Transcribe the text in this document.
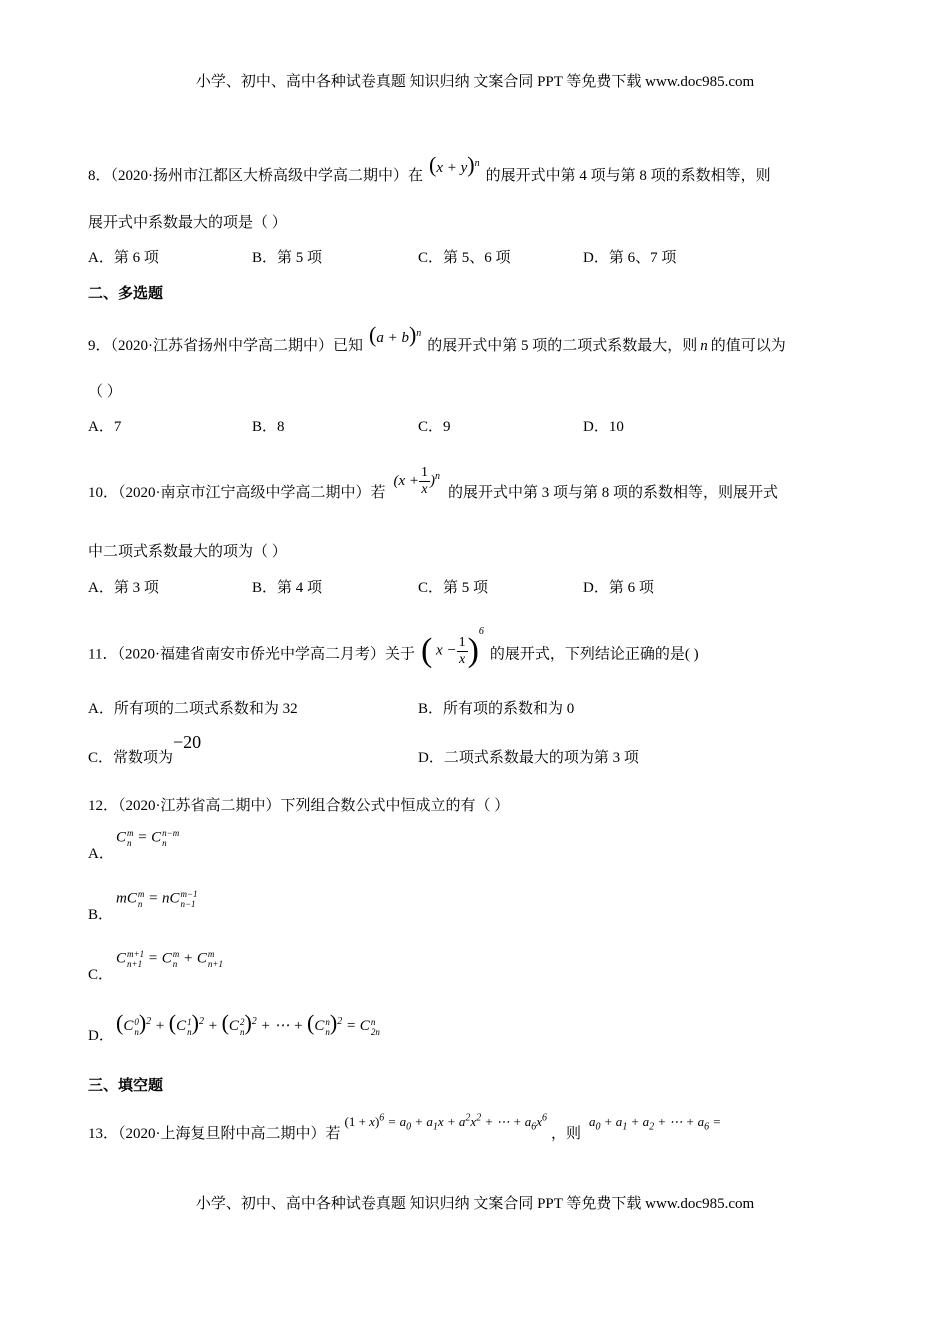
小学、初中、高中各种试卷真题 知识归纳 文案合同 PPT 等免费下载 www.doc985.com
8．（2020·扬州市江都区大桥高级中学高二期中）在 $(x + y)^n$的展开式中第 4 项与第 8 项的系数相等，则
展开式中系数最大的项是（ ）
A．第 6 项	B．第 5 项	C．第 5、6 项	D．第 6、7 项
二、多选题
9．（2020·江苏省扬州中学高二期中）已知 $(a + b)^n$的展开式中第 5 项的二项式系数最大，则 n 的值可以为
（ ）
A．7	B．8	C．9	D．10
10．（2020·南京市江宁高级中学高二期中）若$(x + \frac{1}{x} )^n$的展开式中第 3 项与第 8 项的系数相等，则展开式
中二项式系数最大的项为（ ）
A．第 3 项	B．第 4 项	C．第 5 项	D．第 6 项
11．（2020·福建省南安市侨光中学高二月考）关于 ( $x - \frac{1}{x} )^6$的展开式，下列结论正确的是( )
A．所有项的二项式系数和为 32	B．所有项的系数和为 0
C．常数项为−20
D．二项式系数最大的项为第 3 项
12．（2020·江苏省高二期中）下列组合数公式中恒成立的有（ ）
A．
C m
n = C n−m
n
B．
mC m
n = nC m−1
n−1
C．
C m+1
n+1 = C m
n + C m
n+1
D．
(C 0
n )$^2$ + (C 1
n )$^2$ + (C 2
n )$^2$ + ⋯ + (C n
n )$^2$ = C n
2n
三、填空题
13．（2020·上海复旦附中高二期中）若$(1 + x)^6 = a_0 + a_1x + a^2x^2$ + ⋯ + $a_6x^6$，则$a_0 + a_1 + a_2$ + ⋯ + $a_6$ =
小学、初中、高中各种试卷真题 知识归纳 文案合同 PPT 等免费下载 www.doc985.com
